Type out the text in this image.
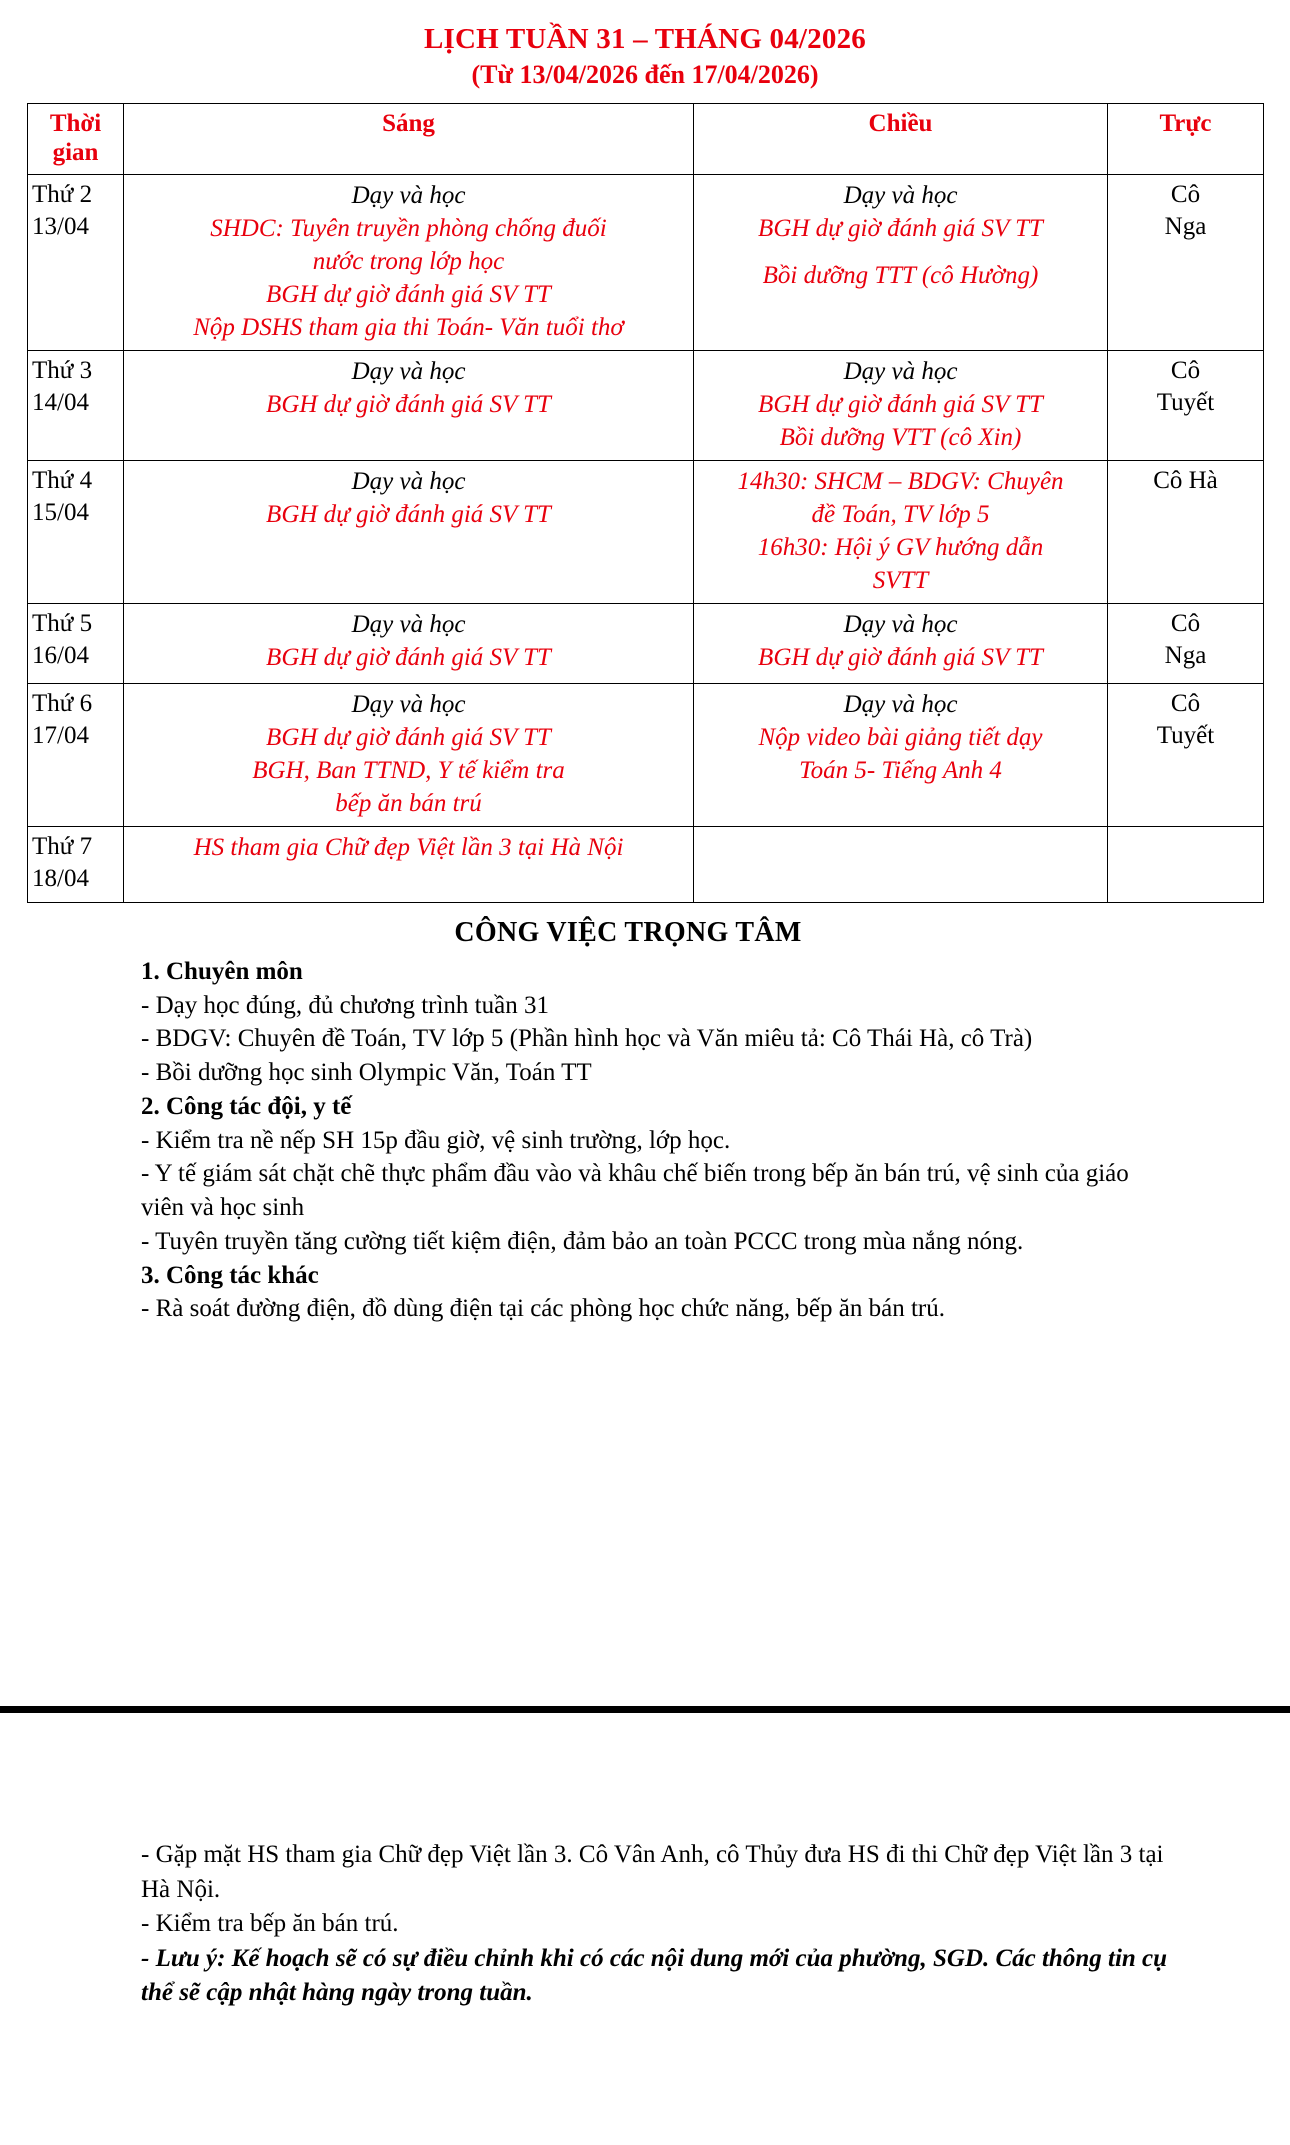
LỊCH TUẦN 31 – THÁNG 04/2026
(Từ 13/04/2026 đến 17/04/2026)
Thời
gian	Sáng	Chiều	Trực
Thứ 2
13/04	Dạy và học
SHDC: Tuyên truyền phòng chống đuối
nước trong lớp học
BGH dự giờ đánh giá SV TT
Nộp DSHS tham gia thi Toán- Văn tuổi thơ	Dạy và học
BGH dự giờ đánh giá SV TT
Bồi dưỡng TTT (cô Hường)	Cô
Nga

Thứ 3
14/04	Dạy và học
BGH dự giờ đánh giá SV TT	Dạy và học
BGH dự giờ đánh giá SV TT
Bồi dưỡng VTT (cô Xin)	Cô
Tuyết

Thứ 4
15/04	Dạy và học
BGH dự giờ đánh giá SV TT	14h30: SHCM – BDGV: Chuyên
đề Toán, TV lớp 5
16h30: Hội ý GV hướng dẫn
SVTT	Cô Hà

Thứ 5
16/04	Dạy và học
BGH dự giờ đánh giá SV TT	Dạy và học
BGH dự giờ đánh giá SV TT	Cô
Nga

Thứ 6
17/04	Dạy và học
BGH dự giờ đánh giá SV TT
BGH, Ban TTND, Y tế kiểm tra
bếp ăn bán trú	Dạy và học
Nộp video bài giảng tiết dạy
Toán 5- Tiếng Anh 4	Cô
Tuyết

Thứ 7
18/04	HS tham gia Chữ đẹp Việt lần 3 tại Hà Nội		

CÔNG VIỆC TRỌNG TÂM

1. Chuyên môn

- Dạy học đúng, đủ chương trình tuần 31

- BDGV: Chuyên đề Toán, TV lớp 5 (Phần hình học và Văn miêu tả: Cô Thái Hà, cô Trà)

- Bồi dưỡng học sinh Olympic Văn, Toán TT

2. Công tác đội, y tế

- Kiểm tra nề nếp SH 15p đầu giờ, vệ sinh trường, lớp học.

- Y tế giám sát chặt chẽ thực phẩm đầu vào và khâu chế biến trong bếp ăn bán trú, vệ sinh của giáo viên và học sinh

- Tuyên truyền tăng cường tiết kiệm điện, đảm bảo an toàn PCCC trong mùa nắng nóng.

3. Công tác khác

- Rà soát đường điện, đồ dùng điện tại các phòng học chức năng, bếp ăn bán trú.

- Gặp mặt HS tham gia Chữ đẹp Việt lần 3. Cô Vân Anh, cô Thủy đưa HS đi thi Chữ đẹp Việt lần 3 tại Hà Nội.

- Kiểm tra bếp ăn bán trú.

- Lưu ý: Kế hoạch sẽ có sự điều chỉnh khi có các nội dung mới của phường, SGD. Các thông tin cụ thể sẽ cập nhật hàng ngày trong tuần.
